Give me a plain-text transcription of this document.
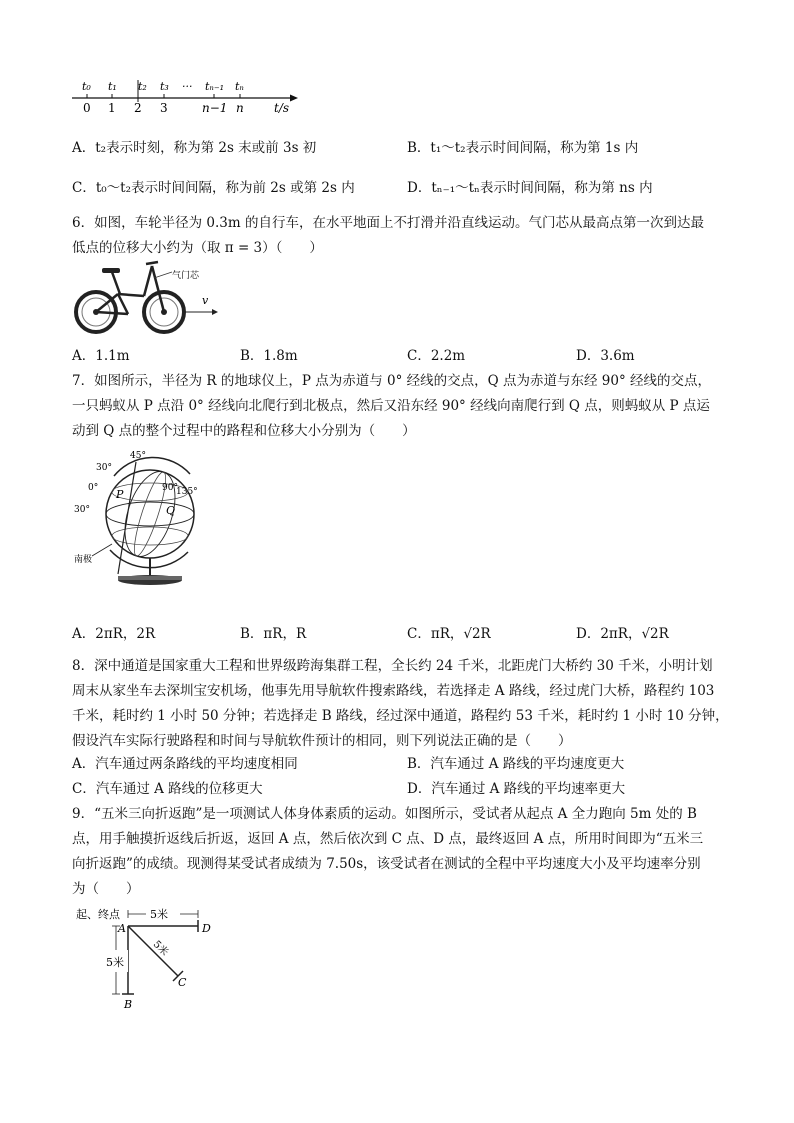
t₀ t₁ t₂ t₃ ··· tₙ₋₁ tₙ
0 1 2 3	n−1 n	t/s
A．t₂表示时刻，称为第 2s 末或前 3s 初	B．t₁～t₂表示时间间隔，称为第 1s 内
C．t₀～t₂表示时间间隔，称为前 2s 或第 2s 内	D．tₙ₋₁～tₙ表示时间间隔，称为第 ns 内
6．如图，车轮半径为 0.3m 的自行车，在水平地面上不打滑并沿直线运动。气门芯从最高点第一次到达最
低点的位移大小约为（取 π = 3）（　　）
气门芯
v
A．1.1m	B．1.8m	C．2.2m	D．3.6m
7．如图所示，半径为 R 的地球仪上，P 点为赤道与 0° 经线的交点，Q 点为赤道与东经 90° 经线的交点，
一只蚂蚁从 P 点沿 0° 经线向北爬行到北极点，然后又沿东经 90° 经线向南爬行到 Q 点，则蚂蚁从 P 点运
动到 Q 点的整个过程中的路程和位移大小分别为（　　）
45°
30°
0°	90°
135°
30°
南极
P
Q
A．2πR，2R	B．πR，R	C．πR，√2R	D．2πR，√2R
8．深中通道是国家重大工程和世界级跨海集群工程，全长约 24 千米，北距虎门大桥约 30 千米，小明计划
周末从家坐车去深圳宝安机场，他事先用导航软件搜索路线，若选择走 A 路线，经过虎门大桥，路程约 103
千米，耗时约 1 小时 50 分钟；若选择走 B 路线，经过深中通道，路程约 53 千米，耗时约 1 小时 10 分钟，
假设汽车实际行驶路程和时间与导航软件预计的相同，则下列说法正确的是（　　）
A．汽车通过两条路线的平均速度相同	B．汽车通过 A 路线的平均速度更大
C．汽车通过 A 路线的位移更大	D．汽车通过 A 路线的平均速率更大
9．“五米三向折返跑”是一项测试人体身体素质的运动。如图所示，受试者从起点 A 全力跑向 5m 处的 B
点，用手触摸折返线后折返，返回 A 点，然后依次到 C 点、D 点，最终返回 A 点，所用时间即为“五米三
向折返跑”的成绩。现测得某受试者成绩为 7.50s，该受试者在测试的全程中平均速度大小及平均速率分别
为（　　）
起、终点	5米
5米
5米
A
B
C
D
